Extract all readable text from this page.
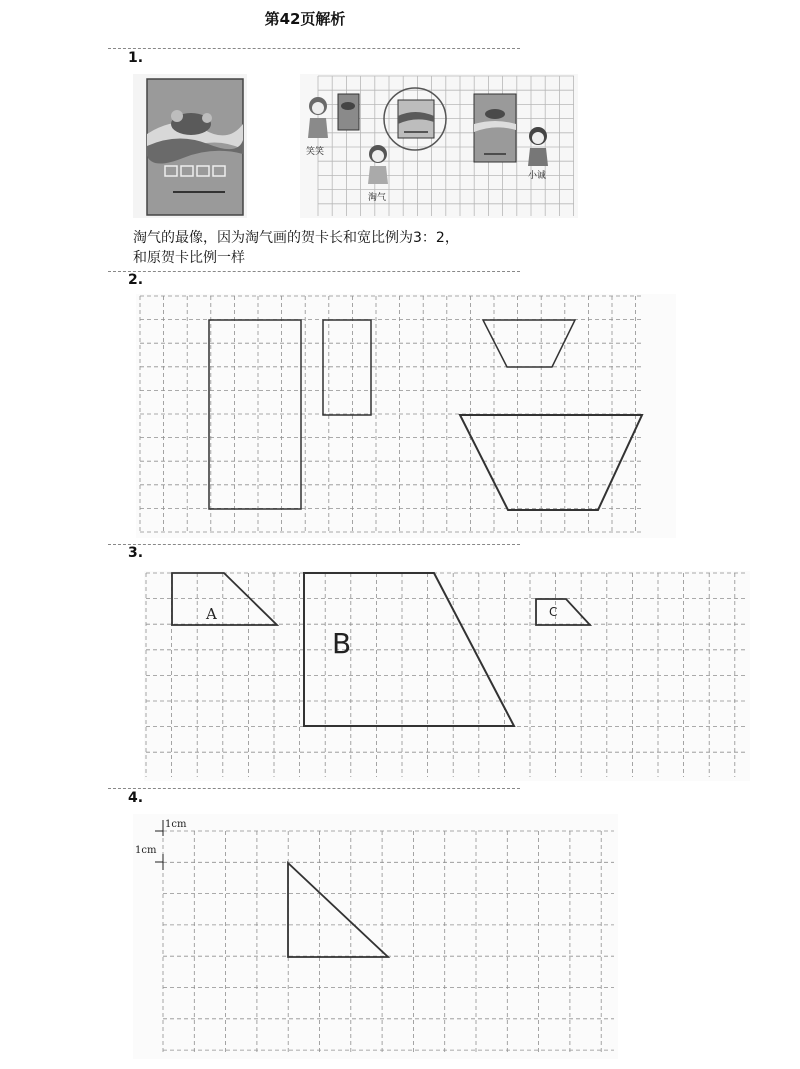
第42页解析
1.
笑笑
淘气
小诚
淘气的最像，因为淘气画的贺卡长和宽比例为3：2，
和原贺卡比例一样
2.
3.
A
B
C
4.
1cm
1cm
